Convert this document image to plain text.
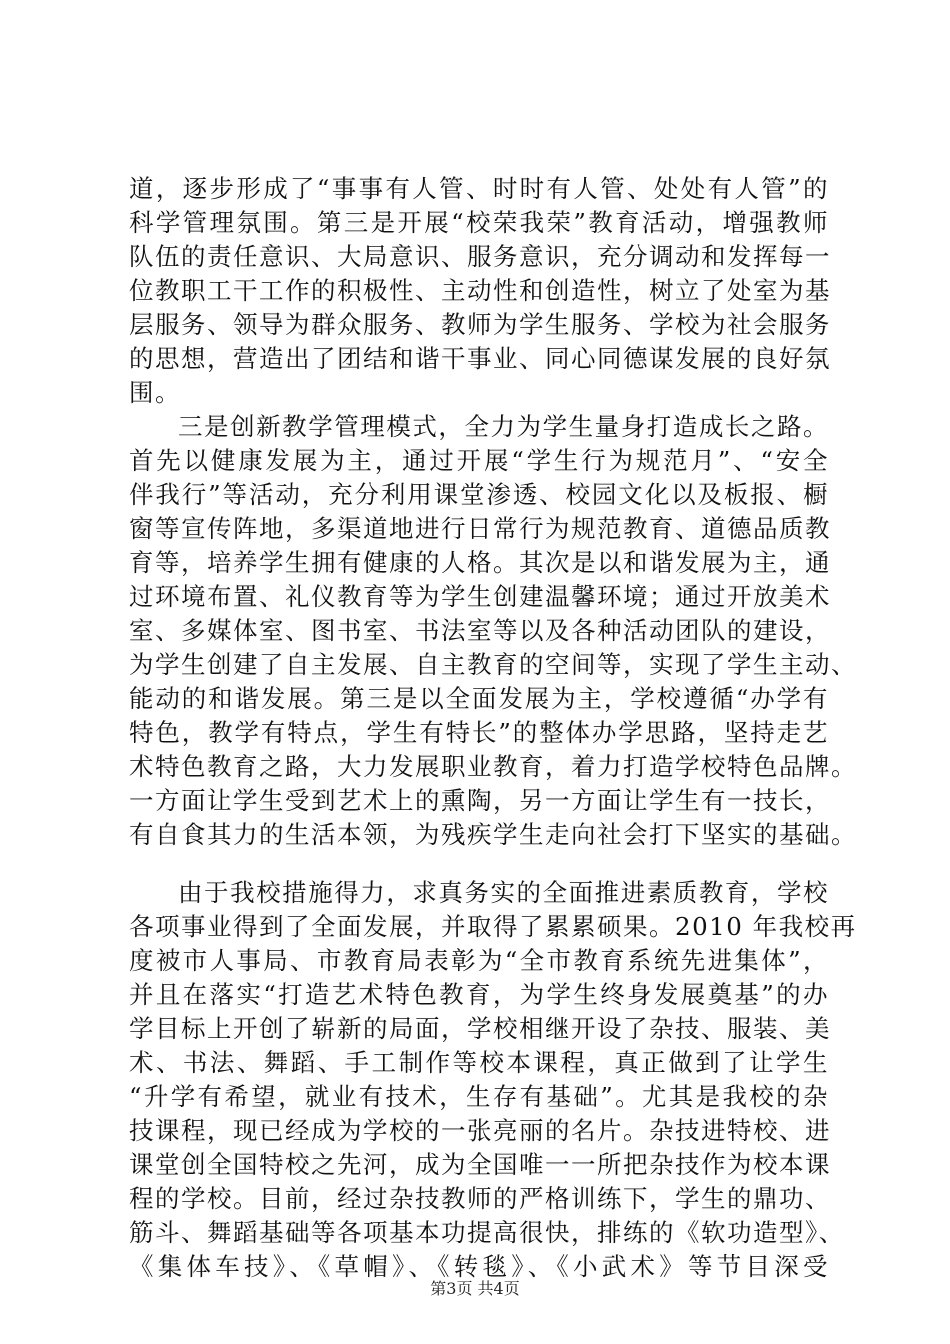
道，逐步形成了“事事有人管、时时有人管、处处有人管”的
科学管理氛围。第三是开展“校荣我荣”教育活动，增强教师
队伍的责任意识、大局意识、服务意识，充分调动和发挥每一
位教职工干工作的积极性、主动性和创造性，树立了处室为基
层服务、领导为群众服务、教师为学生服务、学校为社会服务
的思想，营造出了团结和谐干事业、同心同德谋发展的良好氛
围。
三是创新教学管理模式，全力为学生量身打造成长之路。
首先以健康发展为主，通过开展“学生行为规范月”、“安全
伴我行”等活动，充分利用课堂渗透、校园文化以及板报、橱
窗等宣传阵地，多渠道地进行日常行为规范教育、道德品质教
育等，培养学生拥有健康的人格。其次是以和谐发展为主，通
过环境布置、礼仪教育等为学生创建温馨环境；通过开放美术
室、多媒体室、图书室、书法室等以及各种活动团队的建设，
为学生创建了自主发展、自主教育的空间等，实现了学生主动、
能动的和谐发展。第三是以全面发展为主，学校遵循“办学有
特色，教学有特点，学生有特长”的整体办学思路，坚持走艺
术特色教育之路，大力发展职业教育，着力打造学校特色品牌。
一方面让学生受到艺术上的熏陶，另一方面让学生有一技长，
有自食其力的生活本领，为残疾学生走向社会打下坚实的基础。
由于我校措施得力，求真务实的全面推进素质教育，学校
各项事业得到了全面发展，并取得了累累硕果。2010 年我校再
度被市人事局、市教育局表彰为“全市教育系统先进集体”，
并且在落实“打造艺术特色教育，为学生终身发展奠基”的办
学目标上开创了崭新的局面，学校相继开设了杂技、服装、美
术、书法、舞蹈、手工制作等校本课程，真正做到了让学生
“升学有希望，就业有技术，生存有基础”。尤其是我校的杂
技课程，现已经成为学校的一张亮丽的名片。杂技进特校、进
课堂创全国特校之先河，成为全国唯一一所把杂技作为校本课
程的学校。目前，经过杂技教师的严格训练下，学生的鼎功、
筋斗、舞蹈基础等各项基本功提高很快，排练的《软功造型》、
《集体车技》、《草帽》、《转毯》、《小武术》等节目深受
第3页 共4页
